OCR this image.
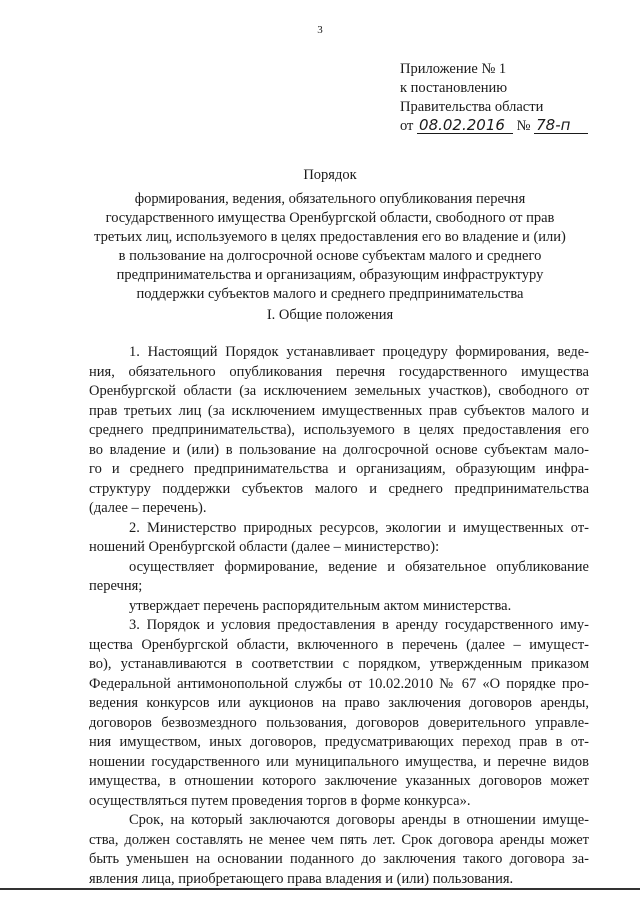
3
Приложение № 1
к постановлению
Правительства области
от 08.02.2016 № 78-п
Порядок
формирования, ведения, обязательного опубликования перечня
государственного имущества Оренбургской области, свободного от прав
третьих лиц, используемого в целях предоставления его во владение и (или)
в пользование на долгосрочной основе субъектам малого и среднего
предпринимательства и организациям, образующим инфраструктуру
поддержки субъектов малого и среднего предпринимательства
I. Общие положения
1. Настоящий Порядок устанавливает процедуру формирования, веде-
ния, обязательного опубликования перечня государственного имущества
Оренбургской области (за исключением земельных участков), свободного от
прав третьих лиц (за исключением имущественных прав субъектов малого и
среднего предпринимательства), используемого в целях предоставления его
во владение и (или) в пользование на долгосрочной основе субъектам мало-
го и среднего предпринимательства и организациям, образующим инфра-
структуру поддержки субъектов малого и среднего предпринимательства
(далее – перечень).
2. Министерство природных ресурсов, экологии и имущественных от-
ношений Оренбургской области (далее – министерство):
осуществляет формирование, ведение и обязательное опубликование
перечня;
утверждает перечень распорядительным актом министерства.
3. Порядок и условия предоставления в аренду государственного иму-
щества Оренбургской области, включенного в перечень (далее – имущест-
во), устанавливаются в соответствии с порядком, утвержденным приказом
Федеральной антимонопольной службы от 10.02.2010 № 67 «О порядке про-
ведения конкурсов или аукционов на право заключения договоров аренды,
договоров безвозмездного пользования, договоров доверительного управле-
ния имуществом, иных договоров, предусматривающих переход прав в от-
ношении государственного или муниципального имущества, и перечне видов
имущества, в отношении которого заключение указанных договоров может
осуществляться путем проведения торгов в форме конкурса».
Срок, на который заключаются договоры аренды в отношении имуще-
ства, должен составлять не менее чем пять лет. Срок договора аренды может
быть уменьшен на основании поданного до заключения такого договора за-
явления лица, приобретающего права владения и (или) пользования.
